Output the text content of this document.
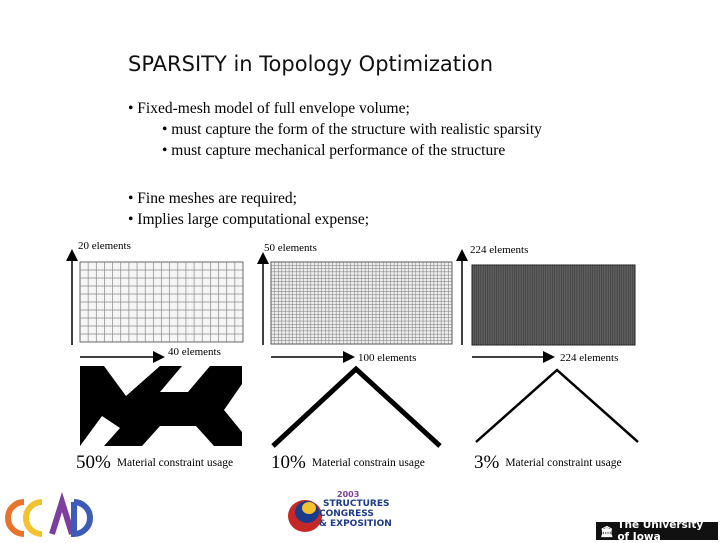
SPARSITY in Topology Optimization
• Fixed-mesh model of full envelope volume;
• must capture the form of the structure with realistic sparsity
• must capture mechanical performance of the structure
• Fine meshes are required;
• Implies large computational expense;
20 elements	50 elements	224 elements
40 elements	100 elements	224 elements
50% Material constraint usage 10% Material constrain usage	3% Material constraint usage
2003
STRUCTURES
CONGRESS
& EXPOSITION
🏛
The University of Iowa
